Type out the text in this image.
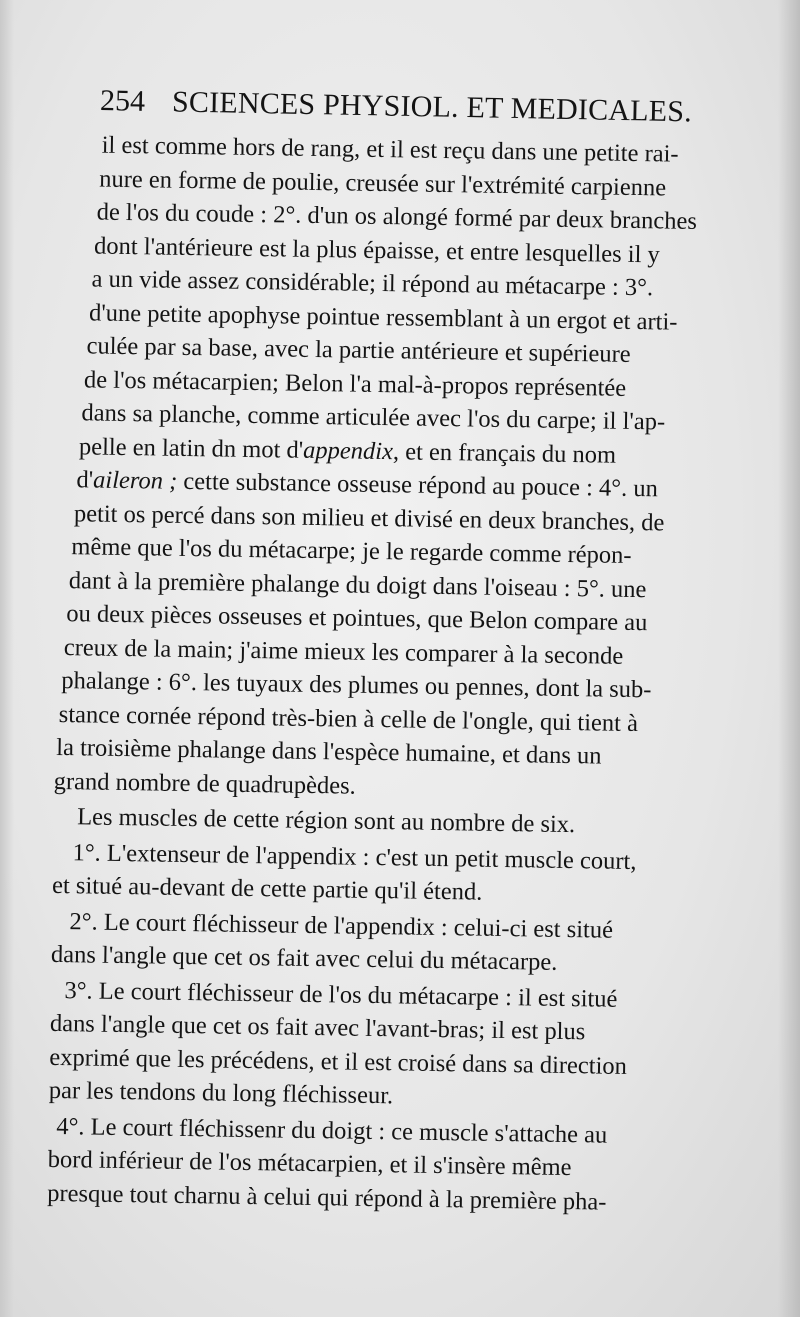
254 SCIENCES PHYSIOL. ET MEDICALES.
il est comme hors de rang, et il est reçu dans une petite rai-
nure en forme de poulie, creusée sur l'extrémité carpienne
de l'os du coude : 2°. d'un os alongé formé par deux branches
dont l'antérieure est la plus épaisse, et entre lesquelles il y
a un vide assez considérable; il répond au métacarpe : 3°.
d'une petite apophyse pointue ressemblant à un ergot et arti-
culée par sa base, avec la partie antérieure et supérieure
de l'os métacarpien; Belon l'a mal-à-propos représentée
dans sa planche, comme articulée avec l'os du carpe; il l'ap-
pelle en latin dn mot d'appendix, et en français du nom
d'aileron ; cette substance osseuse répond au pouce : 4°. un
petit os percé dans son milieu et divisé en deux branches, de
même que l'os du métacarpe; je le regarde comme répon-
dant à la première phalange du doigt dans l'oiseau : 5°. une
ou deux pièces osseuses et pointues, que Belon compare au
creux de la main; j'aime mieux les comparer à la seconde
phalange : 6°. les tuyaux des plumes ou pennes, dont la sub-
stance cornée répond très-bien à celle de l'ongle, qui tient à
la troisième phalange dans l'espèce humaine, et dans un
grand nombre de quadrupèdes.
Les muscles de cette région sont au nombre de six.
1°. L'extenseur de l'appendix : c'est un petit muscle court,
et situé au-devant de cette partie qu'il étend.
2°. Le court fléchisseur de l'appendix : celui-ci est situé
dans l'angle que cet os fait avec celui du métacarpe.
3°. Le court fléchisseur de l'os du métacarpe : il est situé
dans l'angle que cet os fait avec l'avant-bras; il est plus
exprimé que les précédens, et il est croisé dans sa direction
par les tendons du long fléchisseur.
4°. Le court fléchissenr du doigt : ce muscle s'attache au
bord inférieur de l'os métacarpien, et il s'insère même
presque tout charnu à celui qui répond à la première pha-
